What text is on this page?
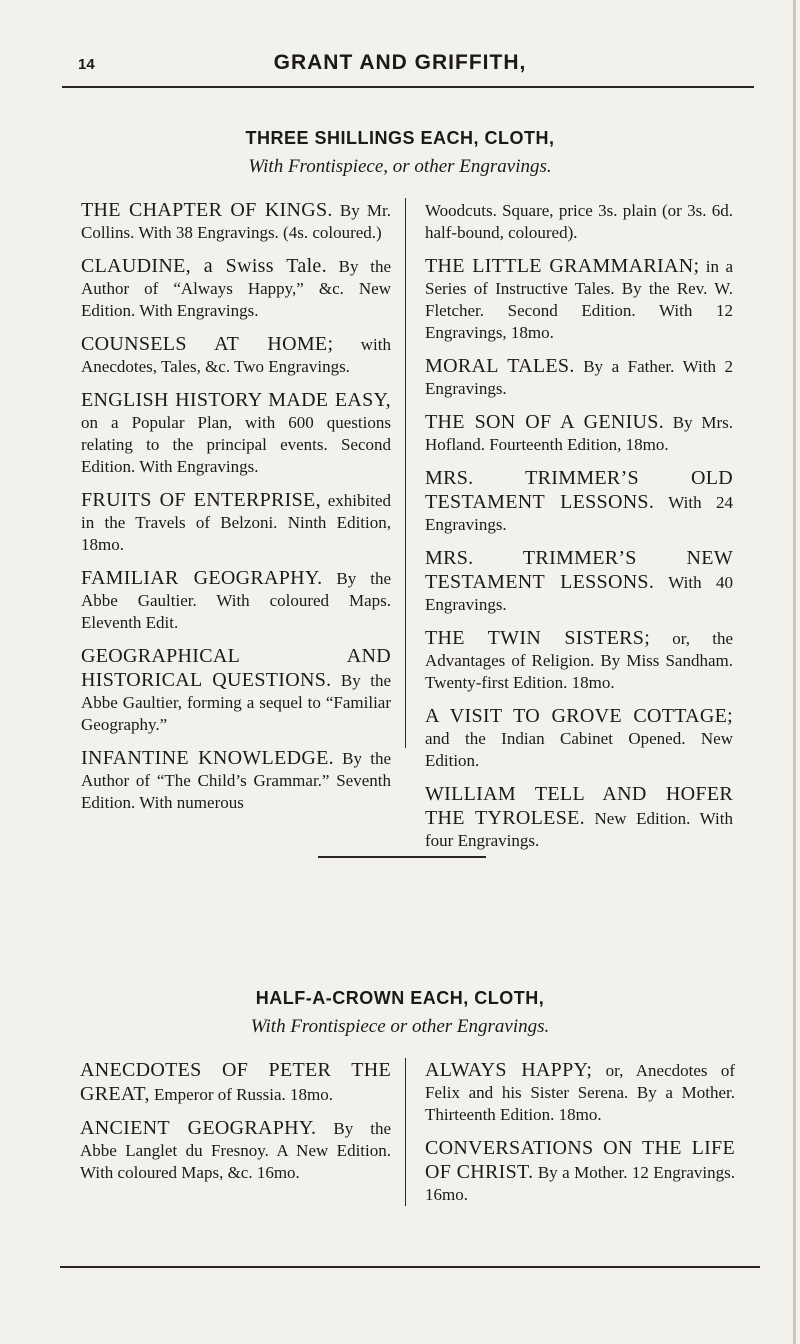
14	GRANT AND GRIFFITH,
THREE SHILLINGS EACH, CLOTH,
With Frontispiece, or other Engravings.
THE CHAPTER OF KINGS. By Mr. Collins. With 38 Engravings. (4s. coloured.)
CLAUDINE, a Swiss Tale. By the Author of “Always Happy,” &c. New Edition. With Engravings.
COUNSELS AT HOME; with Anecdotes, Tales, &c. Two Engravings.
ENGLISH HISTORY MADE EASY, on a Popular Plan, with 600 questions relating to the principal events. Second Edition. With Engravings.
FRUITS OF ENTERPRISE, exhibited in the Travels of Belzoni. Ninth Edition, 18mo.
FAMILIAR GEOGRAPHY. By the Abbe Gaultier. With coloured Maps. Eleventh Edit.
GEOGRAPHICAL AND HISTORICAL QUESTIONS. By the Abbe Gaultier, forming a sequel to “Familiar Geography.”
INFANTINE KNOWLEDGE. By the Author of “The Child’s Grammar.” Seventh Edition. With numerous
Woodcuts. Square, price 3s. plain (or 3s. 6d. half-bound, coloured).
THE LITTLE GRAMMARIAN; in a Series of Instructive Tales. By the Rev. W. Fletcher. Second Edition. With 12 Engravings, 18mo.
MORAL TALES. By a Father. With 2 Engravings.
THE SON OF A GENIUS. By Mrs. Hofland. Fourteenth Edition, 18mo.
MRS. TRIMMER’S OLD TESTAMENT LESSONS. With 24 Engravings.
MRS. TRIMMER’S NEW TESTAMENT LESSONS. With 40 Engravings.
THE TWIN SISTERS; or, the Advantages of Religion. By Miss Sandham. Twenty-first Edition. 18mo.
A VISIT TO GROVE COTTAGE; and the Indian Cabinet Opened. New Edition.
WILLIAM TELL AND HOFER THE TYROLESE. New Edition. With four Engravings.
HALF-A-CROWN EACH, CLOTH,
With Frontispiece or other Engravings.
ANECDOTES OF PETER THE GREAT, Emperor of Russia. 18mo.
ANCIENT GEOGRAPHY. By the Abbe Langlet du Fresnoy. A New Edition. With coloured Maps, &c. 16mo.
ALWAYS HAPPY; or, Anecdotes of Felix and his Sister Serena. By a Mother. Thirteenth Edition. 18mo.
CONVERSATIONS ON THE LIFE OF CHRIST. By a Mother. 12 Engravings. 16mo.
